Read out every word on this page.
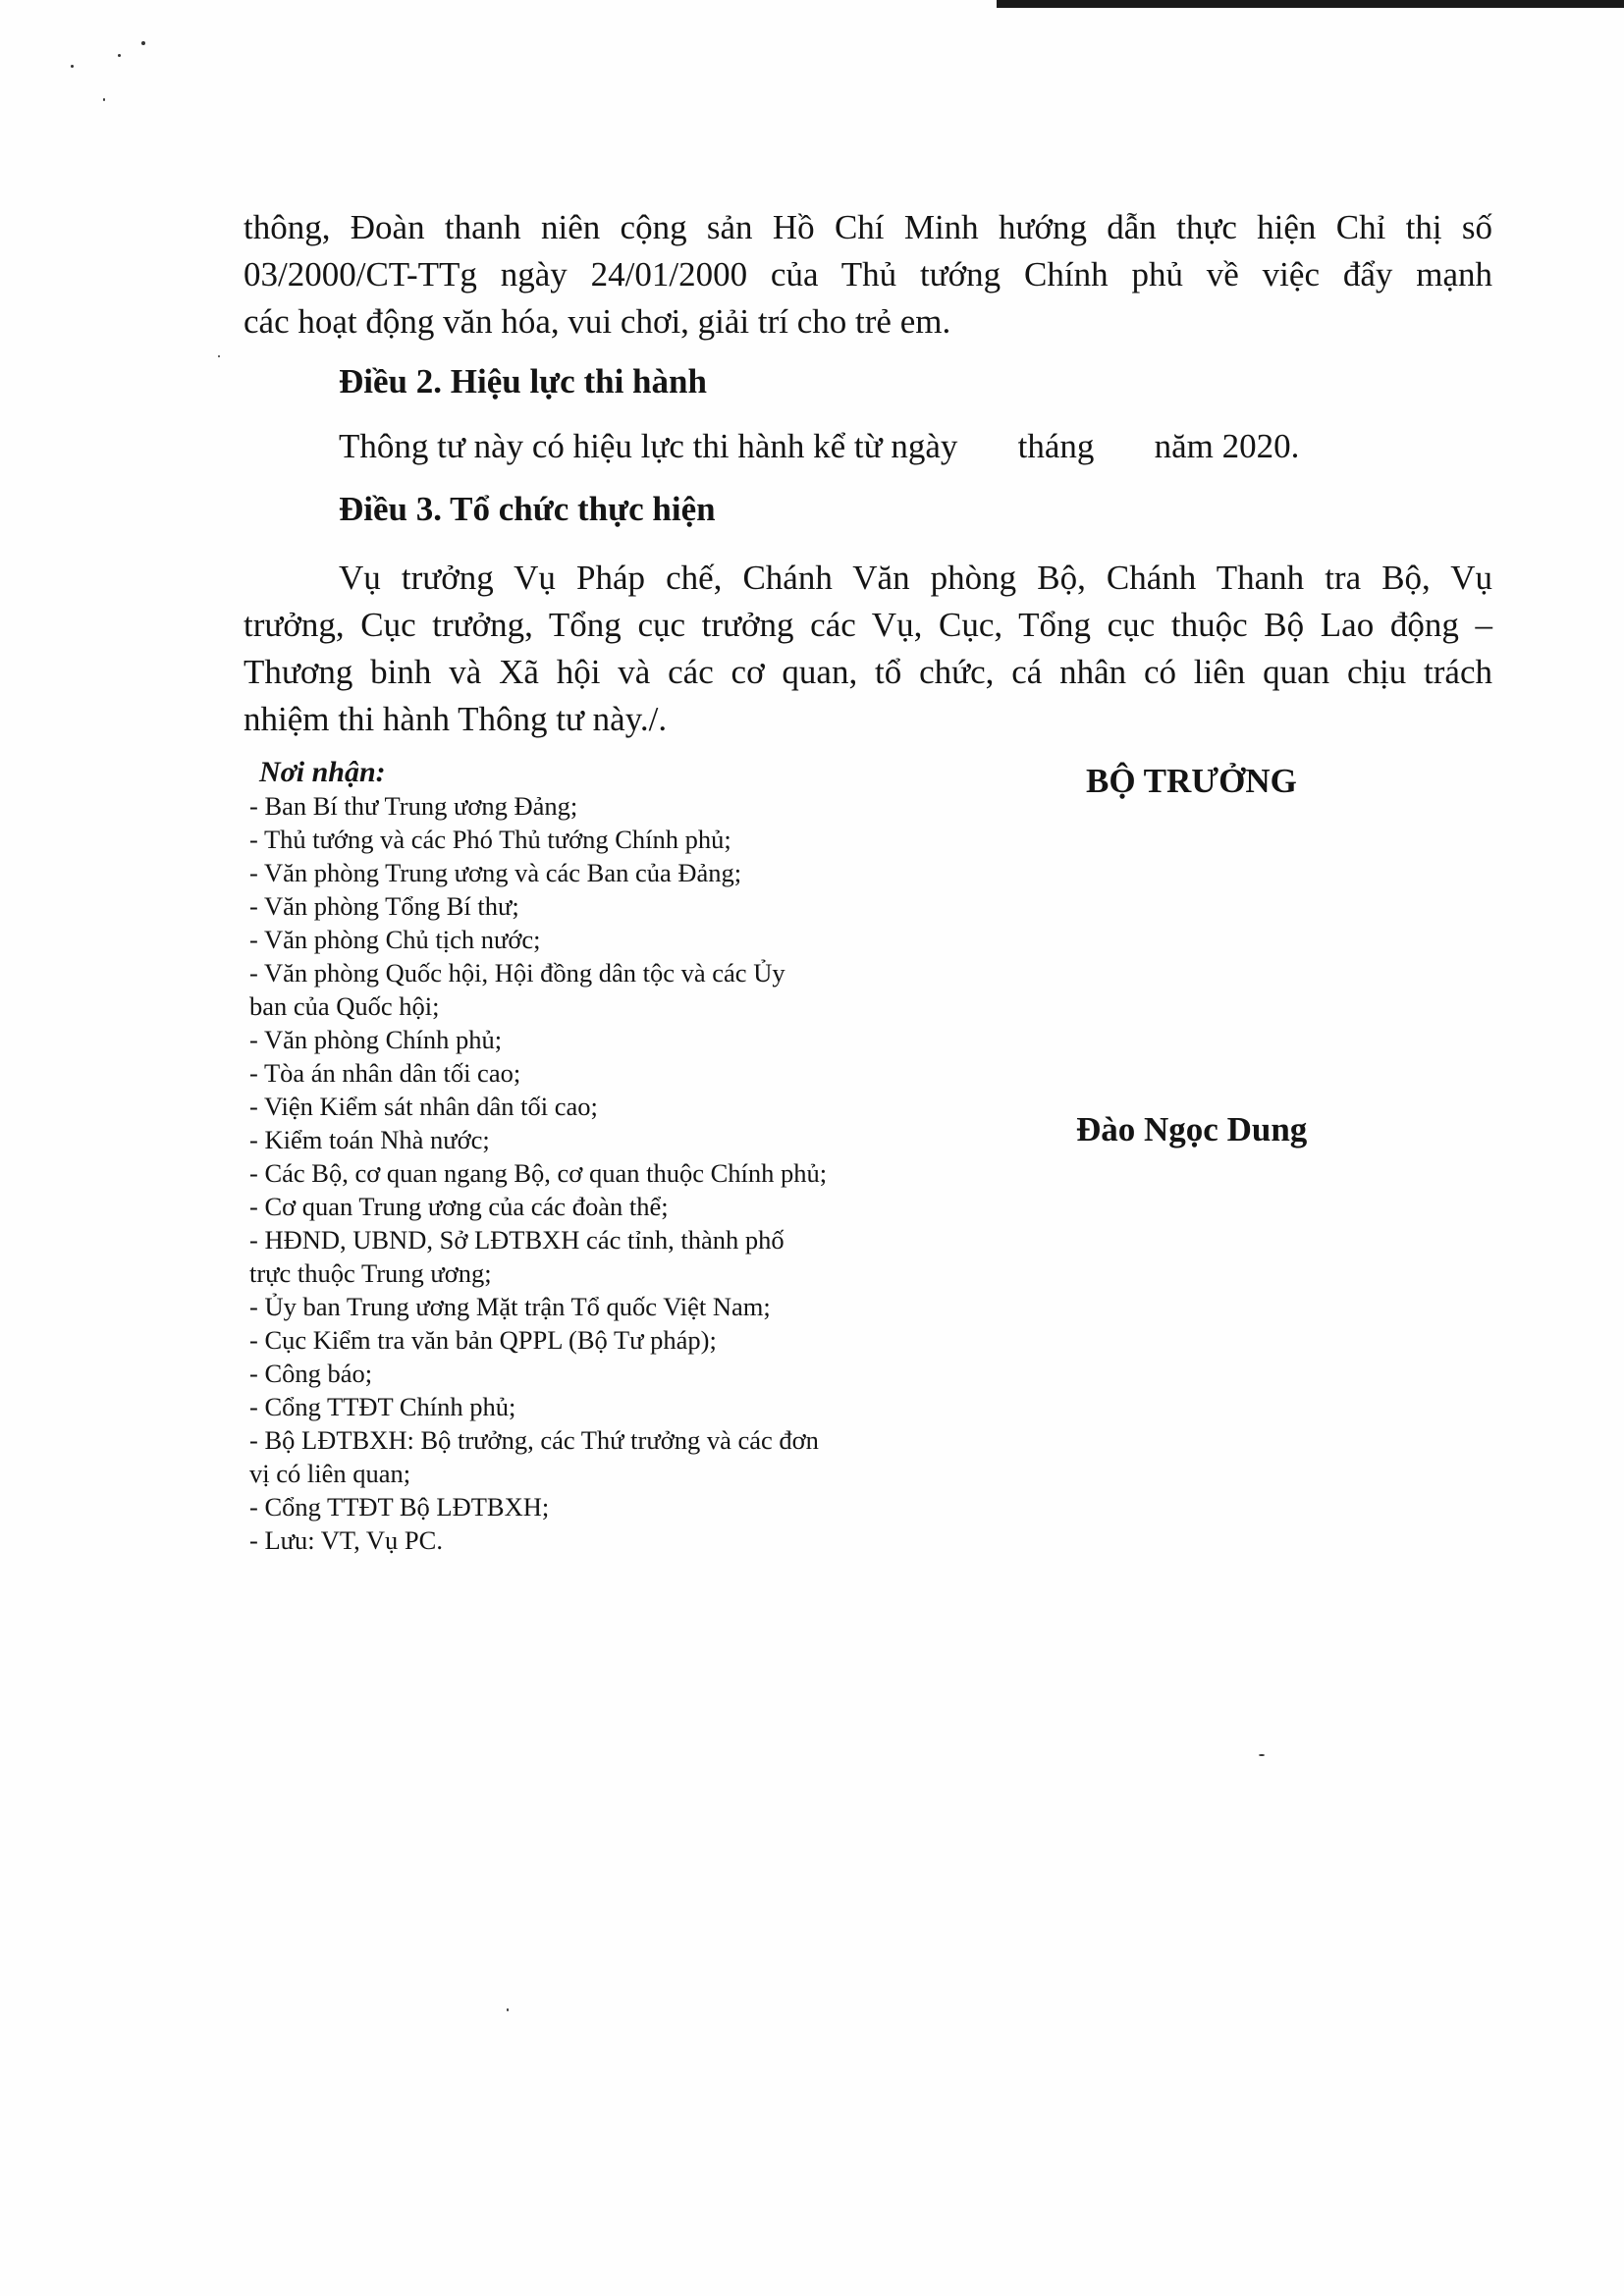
thông, Đoàn thanh niên cộng sản Hồ Chí Minh hướng dẫn thực hiện Chỉ thị số
03/2000/CT-TTg ngày 24/01/2000 của Thủ tướng Chính phủ về việc đẩy mạnh
các hoạt động văn hóa, vui chơi, giải trí cho trẻ em.

Điều 2. Hiệu lực thi hành

Thông tư này có hiệu lực thi hành kể từ ngày       tháng       năm 2020.

Điều 3. Tổ chức thực hiện

Vụ trưởng Vụ Pháp chế, Chánh Văn phòng Bộ, Chánh Thanh tra Bộ, Vụ
trưởng, Cục trưởng, Tổng cục trưởng các Vụ, Cục, Tổng cục thuộc Bộ Lao động –
Thương binh và Xã hội và các cơ quan, tổ chức, cá nhân có liên quan chịu trách
nhiệm thi hành Thông tư này./.

Nơi nhận:

- Ban Bí thư Trung ương Đảng;
- Thủ tướng và các Phó Thủ tướng Chính phủ;
- Văn phòng Trung ương và các Ban của Đảng;
- Văn phòng Tổng Bí thư;
- Văn phòng Chủ tịch nước;
- Văn phòng Quốc hội, Hội đồng dân tộc và các Ủy
ban của Quốc hội;
- Văn phòng Chính phủ;
- Tòa án nhân dân tối cao;
- Viện Kiểm sát nhân dân tối cao;
- Kiểm toán Nhà nước;
- Các Bộ, cơ quan ngang Bộ, cơ quan thuộc Chính phủ;
- Cơ quan Trung ương của các đoàn thể;
- HĐND, UBND, Sở LĐTBXH các tỉnh, thành phố
trực thuộc Trung ương;
- Ủy ban Trung ương Mặt trận Tổ quốc Việt Nam;
- Cục Kiểm tra văn bản QPPL (Bộ Tư pháp);
- Công báo;
- Cổng TTĐT Chính phủ;
- Bộ LĐTBXH: Bộ trưởng, các Thứ trưởng và các đơn
vị có liên quan;
- Cổng TTĐT Bộ LĐTBXH;
- Lưu: VT, Vụ PC.

BỘ TRƯỞNG

Đào Ngọc Dung
